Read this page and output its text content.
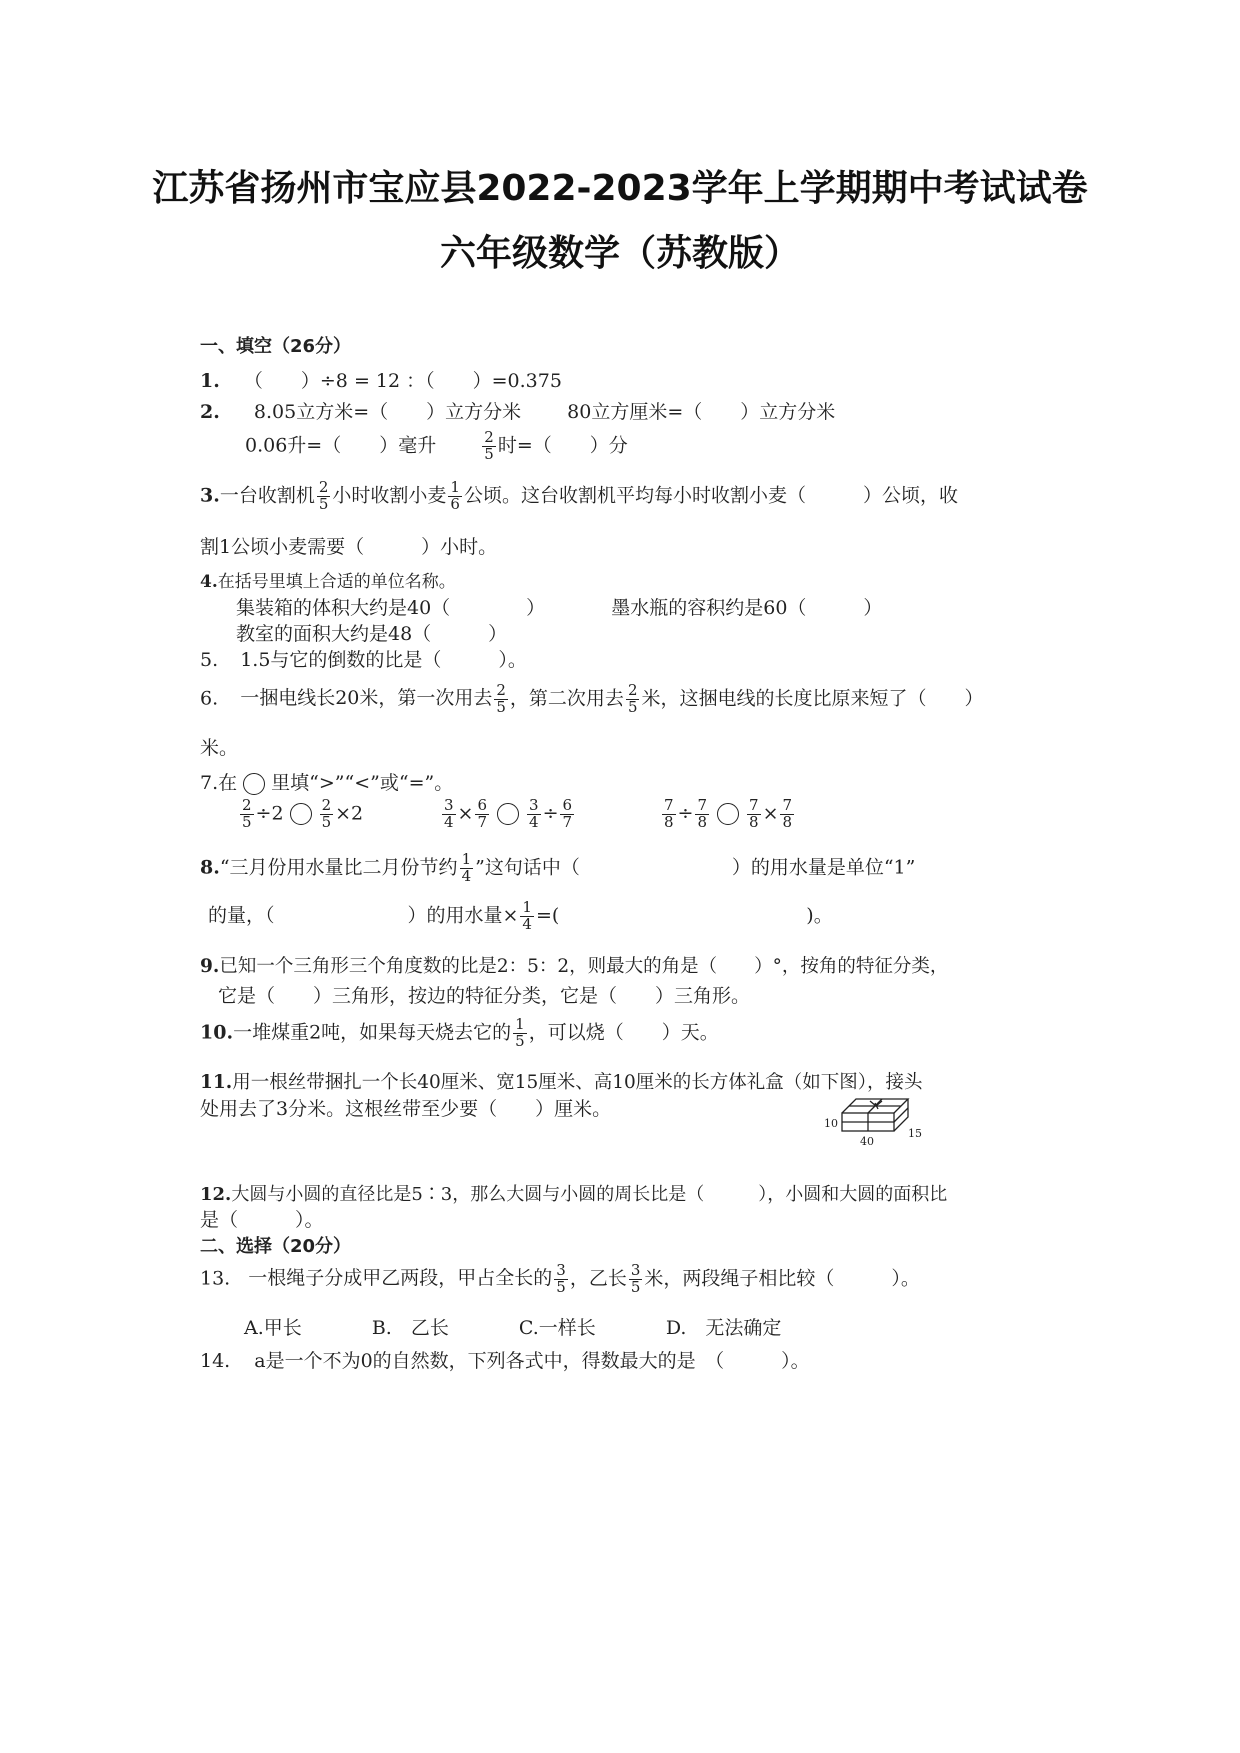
江苏省扬州市宝应县2022-2023学年上学期期中考试试卷
六年级数学（苏教版）
一、填空（26分）
1. （　　）÷8 = 12 ：（　　）=0.375
2. 8.05立方米=（　　）立方分米 80立方厘米=（　　）立方分米
0.06升=（　　）毫升	$\frac{2}{5}$ 时=（　　）分
3.一台收割机 $\frac{2}{5}$ 小时收割小麦 $\frac{1}{6}$ 公顷。这台收割机平均每小时收割小麦（　　　）公顷，收
割1公顷小麦需要（　　　）小时。
4.在括号里填上合适的单位名称。
集装箱的体积大约是40（　　　　）	墨水瓶的容积约是60（　　　）
教室的面积大约是48（　　　）
5. 1.5与它的倒数的比是（　　　）。
6. 一捆电线长20米，第一次用去 $\frac{2}{5}$ ，第二次用去 $\frac{2}{5}$ 米，这捆电线的长度比原来短了（　　）
米。
7.在 里填“>”“<”或“=”。
$\frac{2}{5} \div 2 \frac{2}{5} \times 2$	$\frac{3}{4} \times \frac{6}{7}$	$\frac{3}{4} \div \frac{6}{7}$	$\frac{7}{8} \div \frac{7}{8}$	$\frac{7}{8} \times \frac{7}{8}$
8.“三月份用水量比二月份节约 $\frac{1}{4}$ ”这句话中（　　　　　　　　）的用水量是单位“1”
的量，（　　　　　　　）的用水量× $\frac{1}{4}$ =(　　　　　　　　　　　　　)。
9.已知一个三角形三个角度数的比是2：5：2，则最大的角是（　　）°，按角的特征分类，
它是（　　）三角形，按边的特征分类，它是（　　）三角形。
10.一堆煤重2吨，如果每天烧去它的 $\frac{1}{5}$ ，可以烧（　　）天。
11.用一根丝带捆扎一个长40厘米、宽15厘米、高10厘米的长方体礼盒（如下图），接头
处用去了3分米。这根丝带至少要（　　）厘米。
10
40
15
12.大圆与小圆的直径比是5∶3，那么大圆与小圆的周长比是（　　　），小圆和大圆的面积比
是（　　　）。
二、选择（20分）
13. 一根绳子分成甲乙两段，甲占全长的 $\frac{3}{5}$ ，乙长 $\frac{3}{5}$ 米，两段绳子相比较（　　　）。
A.甲长	B.　乙长	C.一样长	D.　无法确定
14. a是一个不为0的自然数，下列各式中，得数最大的是　（　　　）。
